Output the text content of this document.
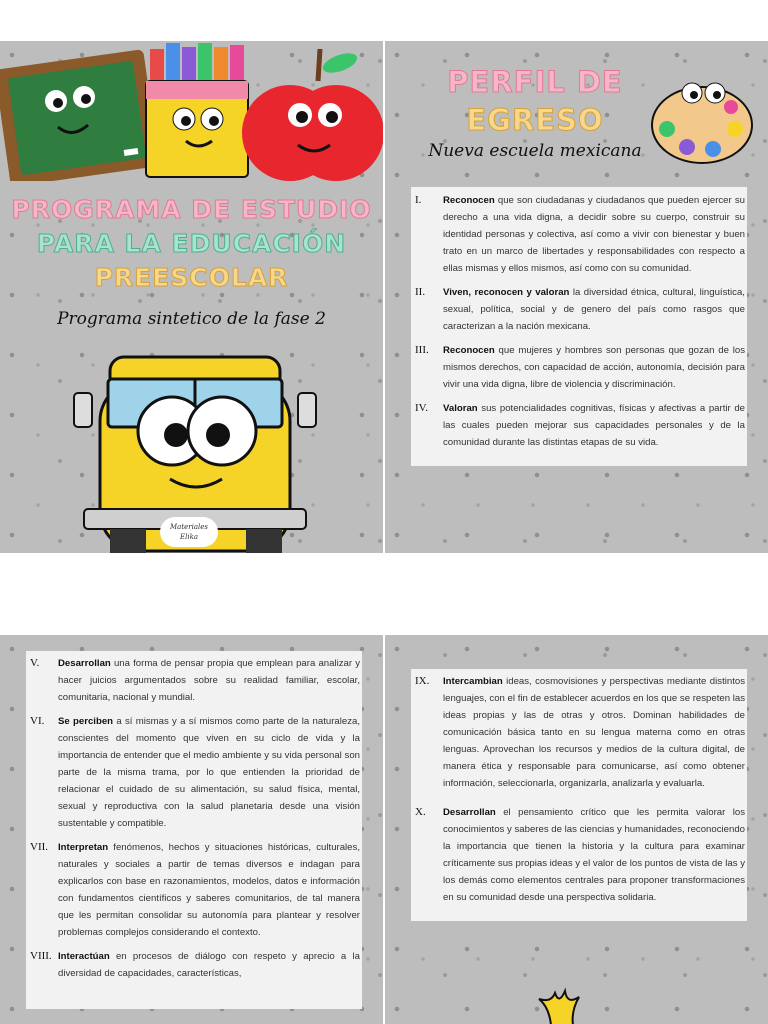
PROGRAMA DE ESTUDIO
PARA LA EDUCACIÓN
PREESCOLAR
Programa sintetico de la fase 2
Materiales Elika
PERFIL DE
EGRESO
Nueva escuela mexicana
I.	Reconocen que son ciudadanas y ciudadanos que pueden ejercer su derecho a una vida digna, a decidir sobre su cuerpo, construir su identidad personas y colectiva, así como a vivir con bienestar y buen trato en un marco de libertades y responsabilidades con respecto a ellas mismas y ellos mismos, así como con su comunidad.
II.	Viven, reconocen y valoran la diversidad étnica, cultural, linguística, sexual, política, social y de genero del país como rasgos que caracterizan a la nación mexicana.
III.	Reconocen que mujeres y hombres son personas que gozan de los mismos derechos, con capacidad de acción, autonomía, decisión para vivir una vida digna, libre de violencia y discriminación.
IV.	Valoran sus potencialidades cognitivas, físicas y afectivas a partir de las cuales pueden mejorar sus capacidades personales y de la comunidad durante las distintas etapas de su vida.
V.	Desarrollan una forma de pensar propia que emplean para analizar y hacer juicios argumentados sobre su realidad familiar, escolar, comunitaria, nacional y mundial.
VI.	Se perciben a sí mismas y a sí mismos como parte de la naturaleza, conscientes del momento que viven en su ciclo de vida y la importancia de entender que el medio ambiente y su vida personal son parte de la misma trama, por lo que entienden la prioridad de relacionar el cuidado de su alimentación, su salud física, mental, sexual y reproductiva con la salud planetaria desde una visión sustentable y compatible.
VII.	Interpretan fenómenos, hechos y situaciones históricas, culturales, naturales y sociales a partir de temas diversos e indagan para explicarlos con base en razonamientos, modelos, datos e información con fundamentos científicos y saberes comunitarios, de tal manera que les permitan consolidar su autonomía para plantear y resolver problemas complejos considerando el contexto.
VIII. Interactúan en procesos de diálogo con respeto y aprecio a la diversidad de capacidades, características,
IX.	Intercambian ideas, cosmovisiones y perspectivas mediante distintos lenguajes, con el fin de establecer acuerdos en los que se respeten las ideas propias y las de otras y otros. Dominan habilidades de comunicación básica tanto en su lengua materna como en otras lenguas. Aprovechan los recursos y medios de la cultura digital, de manera ética y responsable para comunicarse, así como obtener información, seleccionarla, organizarla, analizarla y evaluarla.
X.	Desarrollan el pensamiento crítico que les permita valorar los conocimientos y saberes de las ciencias y humanidades, reconociendo la importancia que tienen la historia y la cultura para examinar críticamente sus propias ideas y el valor de los puntos de vista de las y los demás como elementos centrales para proponer transformaciones en su comunidad desde una perspectiva solidaria.
